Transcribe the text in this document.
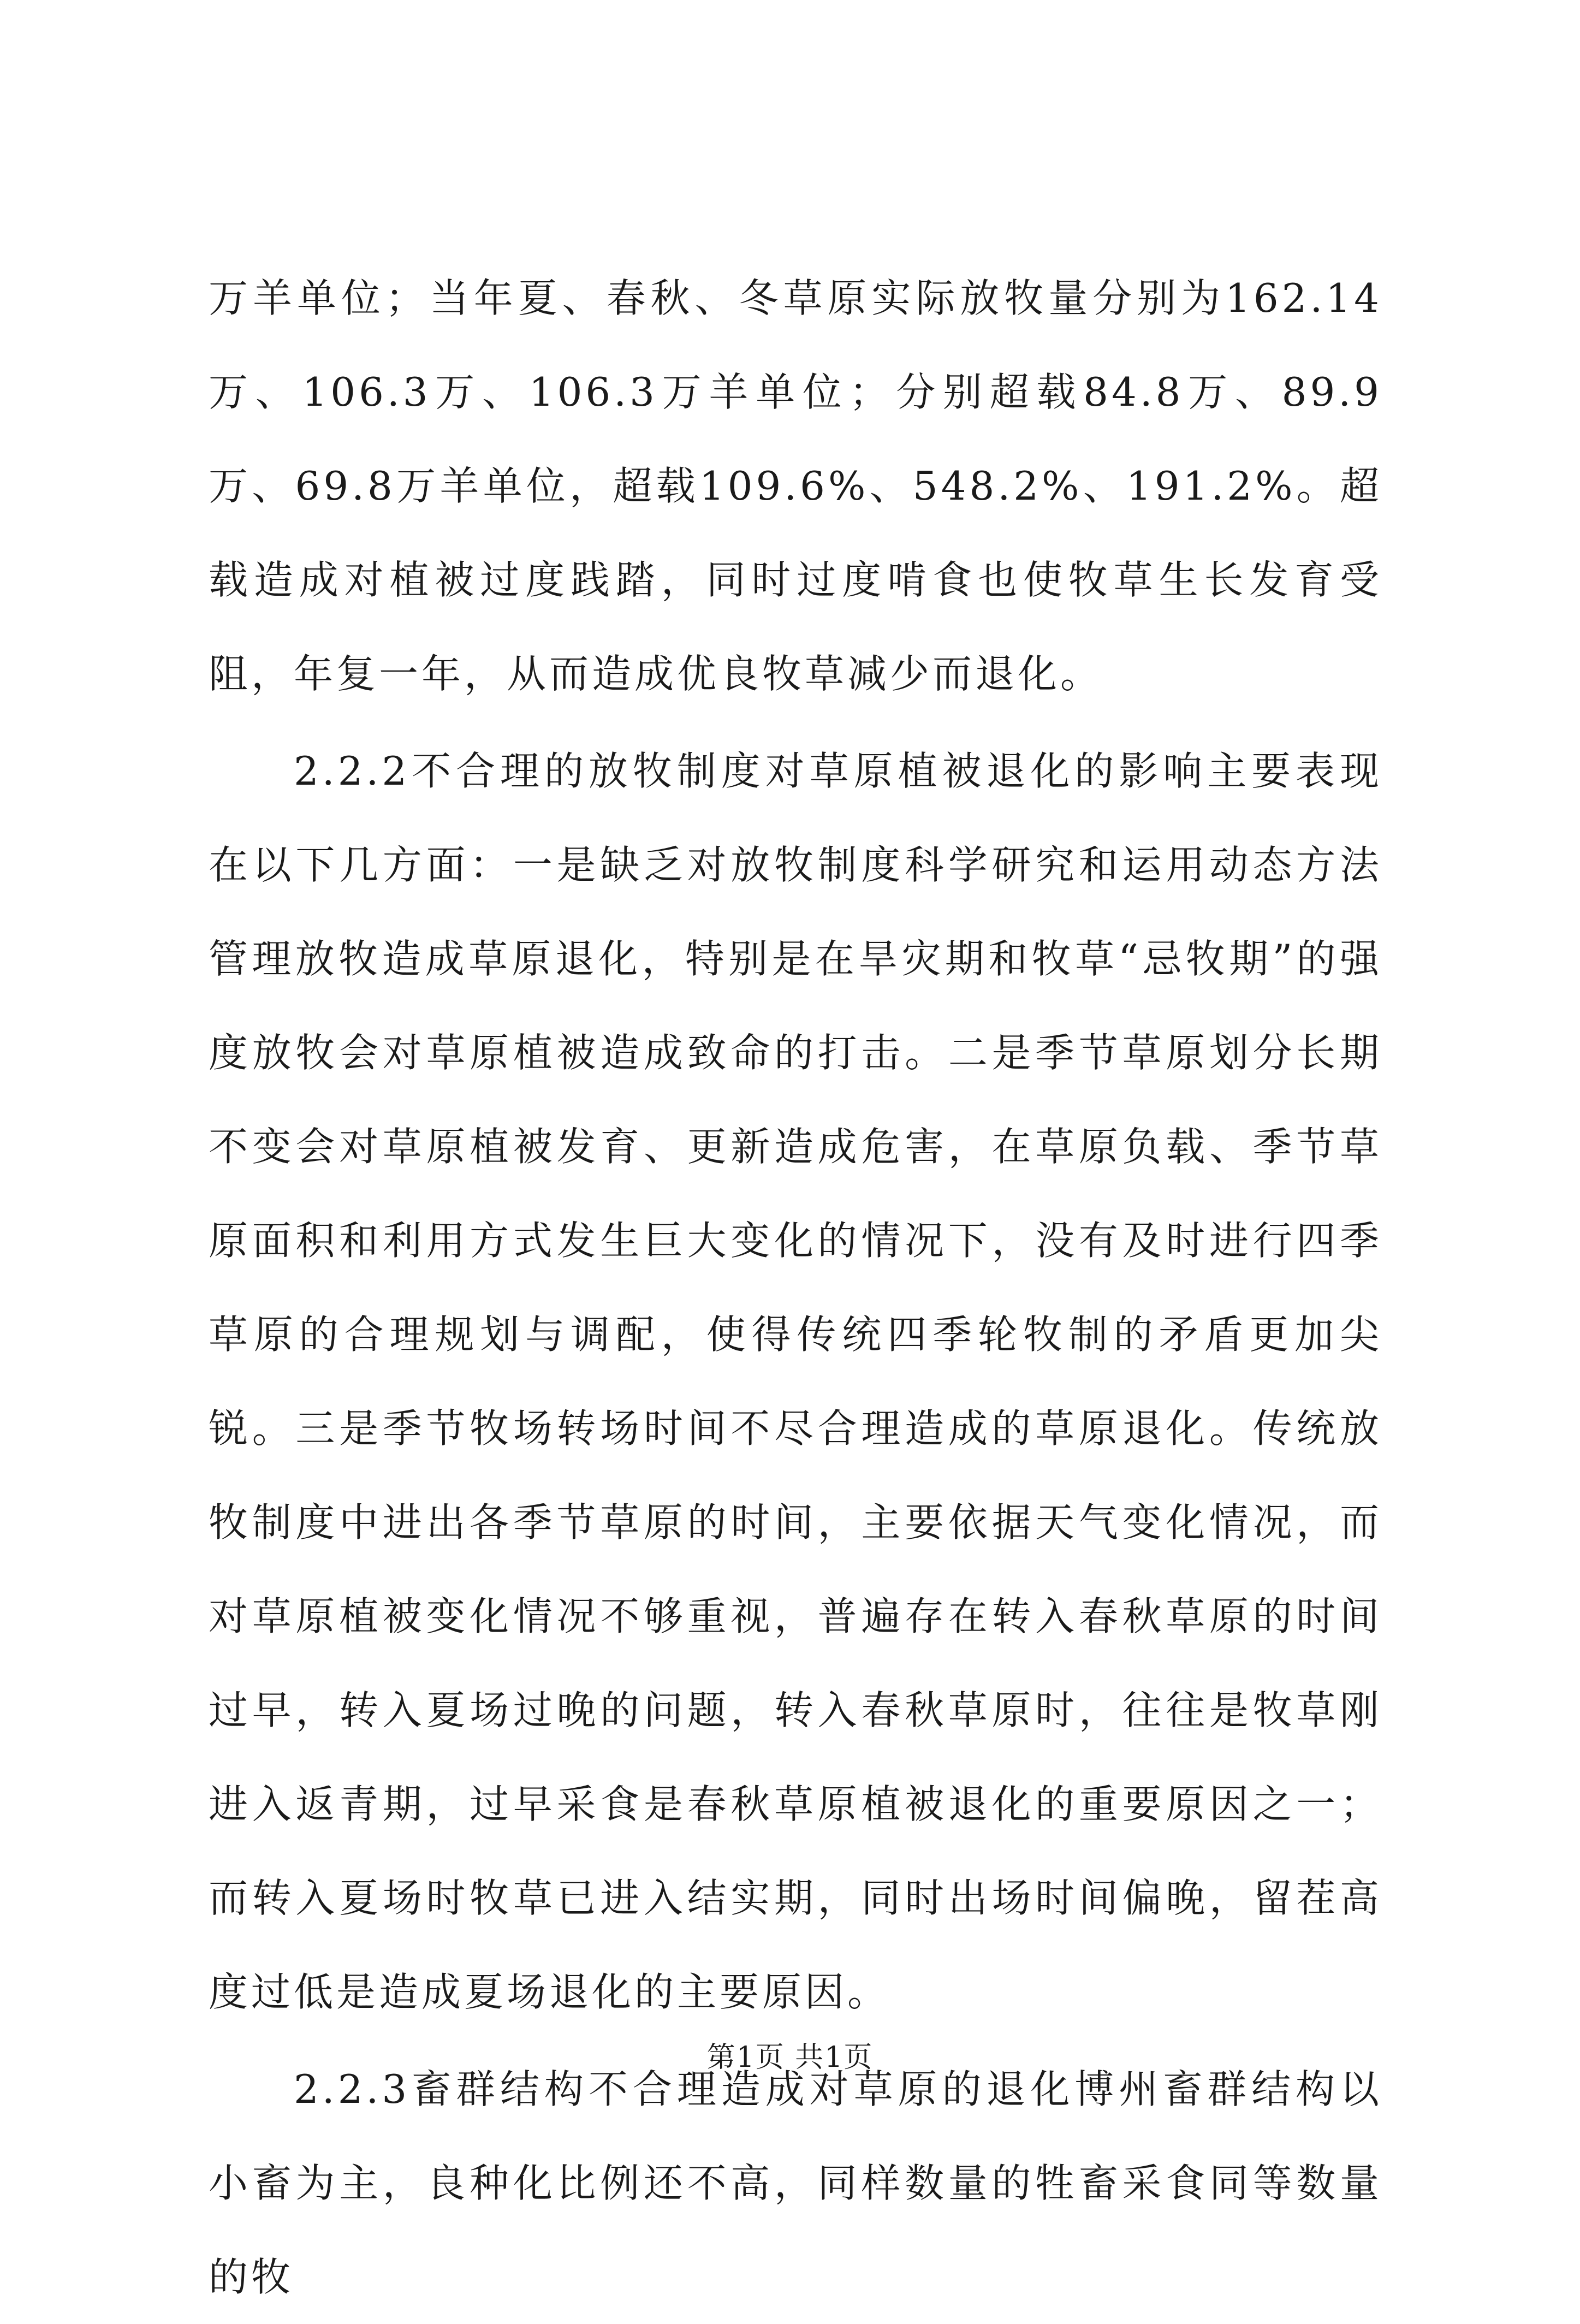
万羊单位；当年夏、春秋、冬草原实际放牧量分别为162.14万、106.3万、106.3万羊单位；分别超载84.8万、89.9万、69.8万羊单位，超载109.6%、548.2%、191.2%。超载造成对植被过度践踏，同时过度啃食也使牧草生长发育受阻，年复一年，从而造成优良牧草减少而退化。

2.2.2不合理的放牧制度对草原植被退化的影响主要表现在以下几方面：一是缺乏对放牧制度科学研究和运用动态方法管理放牧造成草原退化，特别是在旱灾期和牧草“忌牧期”的强度放牧会对草原植被造成致命的打击。二是季节草原划分长期不变会对草原植被发育、更新造成危害，在草原负载、季节草原面积和利用方式发生巨大变化的情况下，没有及时进行四季草原的合理规划与调配，使得传统四季轮牧制的矛盾更加尖锐。三是季节牧场转场时间不尽合理造成的草原退化。传统放牧制度中进出各季节草原的时间，主要依据天气变化情况，而对草原植被变化情况不够重视，普遍存在转入春秋草原的时间过早，转入夏场过晚的问题，转入春秋草原时，往往是牧草刚进入返青期，过早采食是春秋草原植被退化的重要原因之一；而转入夏场时牧草已进入结实期，同时出场时间偏晚，留茬高度过低是造成夏场退化的主要原因。

2.2.3畜群结构不合理造成对草原的退化博州畜群结构以小畜为主，良种化比例还不高，同样数量的牲畜采食同等数量的牧

第1页 共1页
